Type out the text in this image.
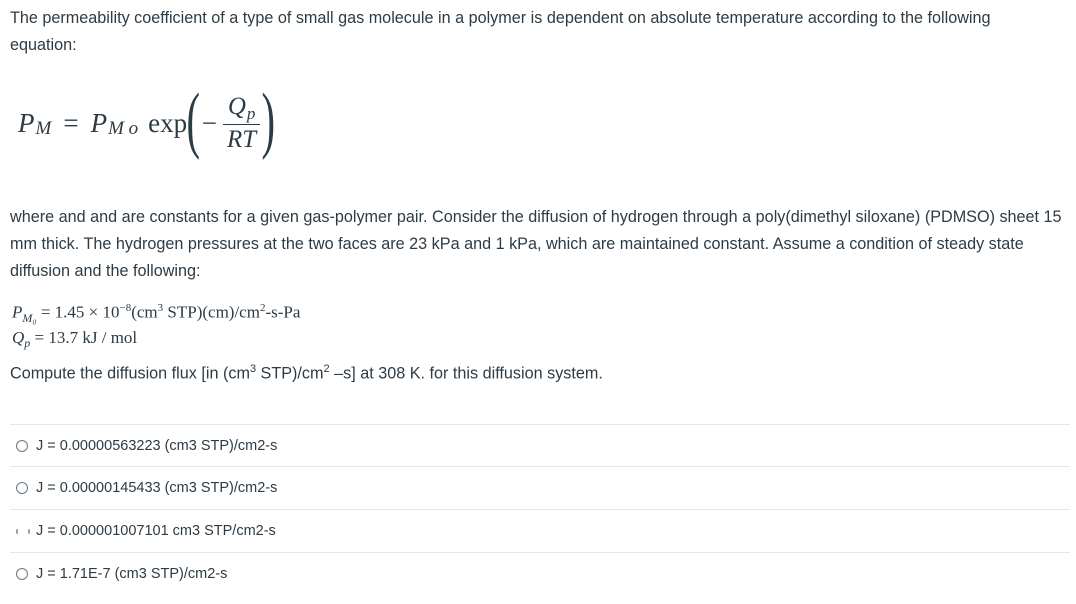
The permeability coefficient of a type of small gas molecule in a polymer is dependent on absolute temperature according to the following equation:

P M = P M o exp ( − $\frac{Q_p}{RT}$ )

where and and are constants for a given gas-polymer pair. Consider the diffusion of hydrogen through a poly(dimethyl siloxane) (PDMSO) sheet 15 mm thick. The hydrogen pressures at the two faces are 23 kPa and 1 kPa, which are maintained constant. Assume a condition of steady state diffusion and the following:

$P_{M_0} = 1.45 \times 10^{-8}(cm^3$ $STP)(cm)/cm^2-s-Pa$
$Q_p = 13.7$ kJ / mol

Compute the diffusion flux [in ($cm^3$ $STP)/cm^2$ –s] at 308 K. for this diffusion system.

J = 0.00000563223 (cm3 STP)/cm2-s
J = 0.00000145433 (cm3 STP)/cm2-s
J = 0.000001007101 cm3 STP/cm2-s
J = 1.71E-7 (cm3 STP)/cm2-s
